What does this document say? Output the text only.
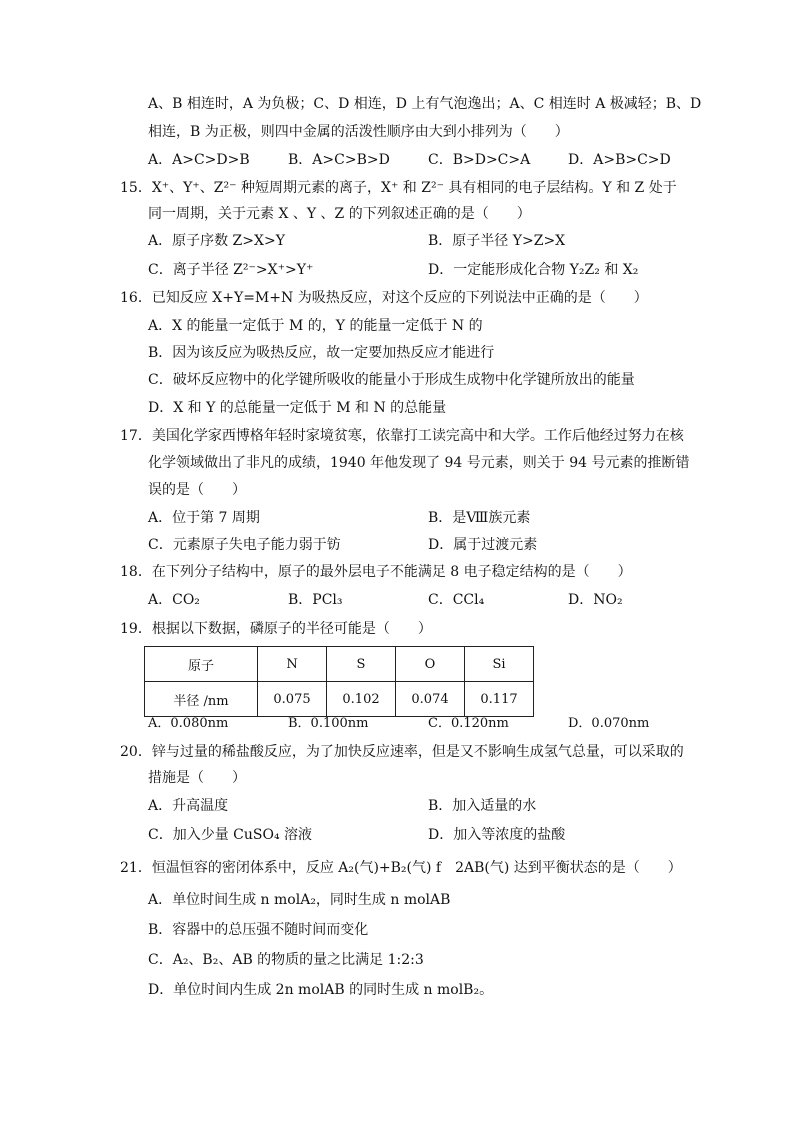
A、B 相连时，A 为负极；C、D 相连，D 上有气泡逸出；A、C 相连时 A 极减轻；B、D
相连，B 为正极，则四中金属的活泼性顺序由大到小排列为（　　）
A．A>C>D>B	B．A>C>B>D	C．B>D>C>A	D．A>B>C>D
15．X⁺、Y⁺、Z²⁻ 种短周期元素的离子，X⁺ 和 Z²⁻ 具有相同的电子层结构。Y 和 Z 处于
同一周期，关于元素 X 、Y 、Z 的下列叙述正确的是（　　）
A．原子序数 Z>X>Y	B．原子半径 Y>Z>X
C．离子半径 Z²⁻>X⁺>Y⁺	D．一定能形成化合物 Y₂Z₂ 和 X₂
16．已知反应 X+Y=M+N 为吸热反应，对这个反应的下列说法中正确的是（　　）
A．X 的能量一定低于 M 的，Y 的能量一定低于 N 的
B．因为该反应为吸热反应，故一定要加热反应才能进行
C．破坏反应物中的化学键所吸收的能量小于形成生成物中化学键所放出的能量
D．X 和 Y 的总能量一定低于 M 和 N 的总能量
17．美国化学家西博格年轻时家境贫寒，依靠打工读完高中和大学。工作后他经过努力在核
化学领域做出了非凡的成绩，1940 年他发现了 94 号元素，则关于 94 号元素的推断错
误的是（　　）
A．位于第 7 周期	B．是Ⅷ族元素
C．元素原子失电子能力弱于钫	D．属于过渡元素
18．在下列分子结构中，原子的最外层电子不能满足 8 电子稳定结构的是（　　）
A．CO₂	B．PCl₃	C．CCl₄	D．NO₂
19．根据以下数据，磷原子的半径可能是（　　）
原子	N	S	O	Si
半径 /nm	0.075	0.102	0.074	0.117
A．0.080nm	B．0.100nm	C．0.120nm	D．0.070nm
20．锌与过量的稀盐酸反应，为了加快反应速率，但是又不影响生成氢气总量，可以采取的
措施是（　　）
A．升高温度	B．加入适量的水
C．加入少量 CuSO₄ 溶液	D．加入等浓度的盐酸
21．恒温恒容的密闭体系中，反应 A₂(气)+B₂(气) f　2AB(气) 达到平衡状态的是（　　）
A．单位时间生成 n molA₂，同时生成 n molAB
B．容器中的总压强不随时间而变化
C．A₂、B₂、AB 的物质的量之比满足 1:2:3
D．单位时间内生成 2n molAB 的同时生成 n molB₂。
